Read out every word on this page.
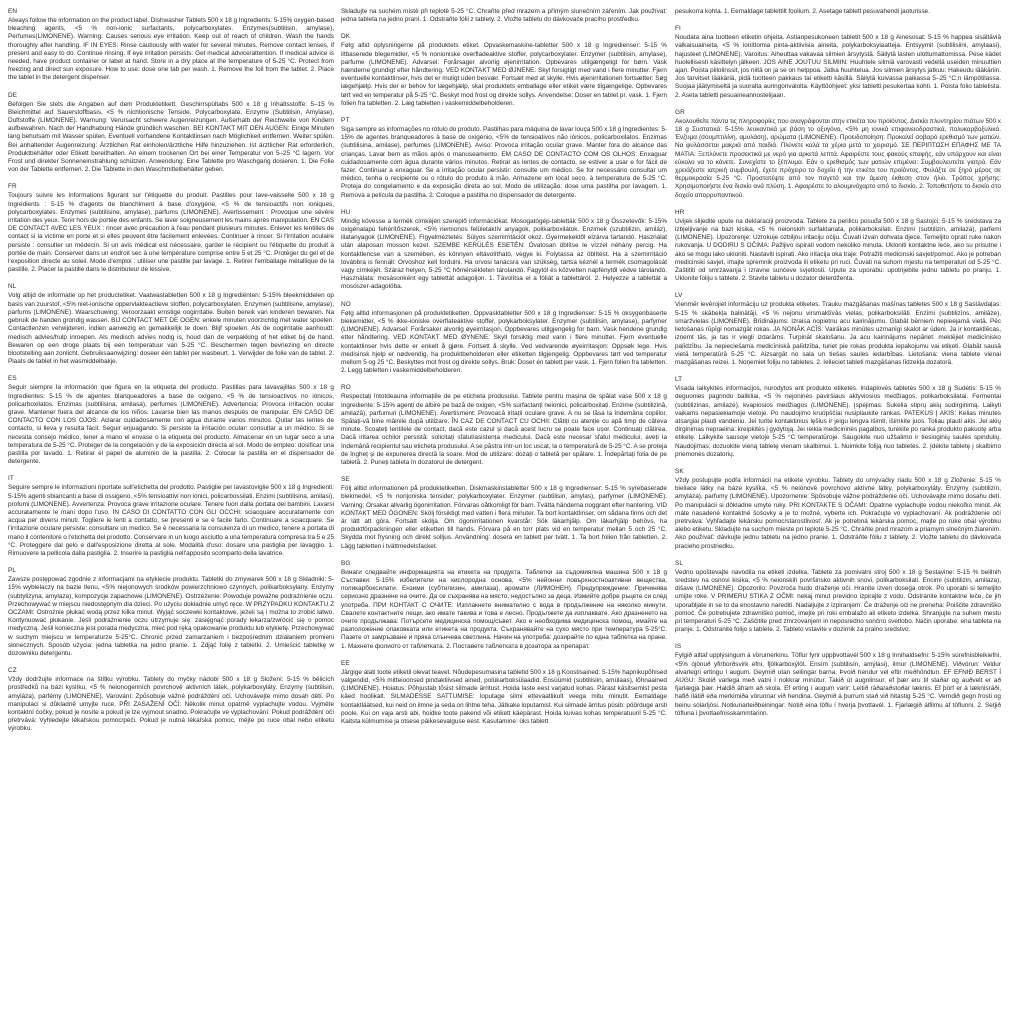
EN

Always follow the information on the product label. Dishwasher Tablets 500 x 18 g Ingredients: 5-15% oxygen-based bleaching agents, <5 % non-ionic surfactants, polycarboxylates. Enzymes(subtilisin, amylase), Perfumes(LIMONENE). Warning: Causes serious eye irritation. Keep out of reach of children. Wash the hands thoroughly after handling. IF IN EYES: Rinse cautiously with water for several minutes. Remove contact lenses, if present and easy to do. Continue rinsing. If eye irritation persists: Get medical advice/attention. If medical advice is needed, have product container or label at hand. Store in a dry place at the temperature of 5-25 °C. Protect from freezing and direct sun exposure. How to use: dose one tab per wash. 1. Remove the foil from the tablet. 2. Place the tablet in the detergent dispenser.

DE

Befolgen Sie stets die Angaben auf dem Produktetikett. Geschirrspültabs 500 x 18 g Inhaltsstoffe: 5–15 % Bleichmittel auf Sauerstoffbasis, <5 % nichtionische Tenside, Polycarboxylate. Enzyme (Subtilisin, Amylase), Duftstoffe (LIMONENE). Warnung: Verursacht schwere Augenreizungen. Außerhalb der Reichweite von Kindern aufbewahren. Nach der Handhabung Hände gründlich waschen. BEI KONTAKT MIT DEN AUGEN: Einige Minuten lang behutsam mit Wasser spülen. Eventuell vorhandene Kontaktlinsen nach Möglichkeit entfernen. Weiter spülen. Bei anhaltender Augenreizung: Ärztlichen Rat einholen/ärztliche Hilfe hinzuziehen. Ist ärztlicher Rat erforderlich, Produktbehälter oder Etikett bereithalten. An einem trockenen Ort bei einer Temperatur von 5–25 °C lagern. Vor Frost und direkter Sonneneinstrahlung schützen. Anwendung: Eine Tablette pro Waschgang dosieren. 1. Die Folie von der Tablette entfernen. 2. Die Tablette in den Waschmittelbehälter geben.

FR

Toujours suivre les informations figurant sur l'étiquette du produit. Pastilles pour lave-vaisselle 500 x 18 g Ingrédients : 5-15 % d'agents de blanchiment à base d'oxygène, <5 % de tensioactifs non ioniques, polycarboxylates. Enzymes (subtilisine, amylase), parfums (LIMONENE). Avertissement : Provoque une sévère irritation des yeux. Tenir hors de portée des enfants. Se laver soigneusement les mains après manipulation. EN CAS DE CONTACT AVEC LES YEUX : rincer avec précaution à l'eau pendant plusieurs minutes. Enlever les lentilles de contact si la victime en porte et si elles peuvent être facilement enlevées. Continuer à rincer. Si l'irritation oculaire persiste : consulter un médecin. Si un avis médical est nécessaire, garder le récipient ou l'étiquette du produit à portée de main. Conserver dans un endroit sec à une température comprise entre 5 et 25 °C. Protéger du gel et de l'exposition directe au soleil. Mode d'emploi : utiliser une pastille par lavage. 1. Retirer l'emballage métallique de la pastille. 2. Placer la pastille dans le distributeur de lessive.

NL

Volg altijd de informatie op het productetiket. Vaatwastabletten 500 x 18 g Ingrediënten: 5-15% bleekmiddelen op basis van zuurstof, <5% niet-ionische oppervlakteactieve stoffen, polycarboxylaten. Enzymen (subtilisine, amylase), parfums (LIMONENE). Waarschuwing: Veroorzaakt ernstige oogirritatie. Buiten bereik van kinderen bewaren. Na gebruik de handen grondig wassen. BIJ CONTACT MET DE OGEN: enkele minuten voorzichtig met water spoelen. Contactlenzen verwijderen, indien aanwezig en gemakkelijk te doen. Blijf spoelen. Als de oogirritatie aanhoudt: medisch advies/hulp inroepen. Als medisch advies nodig is, houd dan de verpakking of het etiket bij de hand. Bewaren op een droge plaats bij een temperatuur van 5-25 °C. Beschermen tegen bevriezing en directe blootstelling aan zonlicht. Gebruiksaanwijzing: doseer één tablet per wasbeurt. 1. Verwijder de folie van de tablet. 2. Plaats de tablet in het wasmiddelbakje.

ES

Seguir siempre la información que figura en la etiqueta del producto. Pastillas para lavavajillas 500 x 18 g Ingredientes: 5-15 % de agentes blanqueadores a base de oxígeno, <5 % de tensioactivos no iónicos, policarboxilatos. Enzimas (subtilisina, amilasa), perfumes (LIMONENE). Advertencia: Provoca irritación ocular grave. Mantener fuera del alcance de los niños. Lavarse bien las manos después de manipular. EN CASO DE CONTACTO CON LOS OJOS: Aclarar cuidadosamente con agua durante varios minutos. Quitar las lentes de contacto, si lleva y resulta fácil. Seguir enjuagando. Si persiste la irritación ocular: consultar a un médico. Si se necesita consejo médico, tener a mano el envase o la etiqueta del producto. Almacenar en un lugar seco a una temperatura de 5-25 °C. Proteger de la congelación y de la exposición directa al sol. Modo de empleo: dosificar una pastilla por lavado. 1. Retirar el papel de aluminio de la pastilla. 2. Colocar la pastilla en el dispensador de detergente.

IT

Seguire sempre le informazioni riportate sull'etichetta del prodotto. Pastiglie per lavastoviglie 500 x 18 g Ingredienti: 5-15% agenti sbiancanti a base di ossigeno, <5% tensioattivi non ionici, policarbossilati. Enzimi (subtilisina, amilasi), profumi (LIMONENE). Avvertenza: Provoca grave irritazione oculare. Tenere fuori dalla portata dei bambini. Lavarsi accuratamente le mani dopo l'uso. IN CASO DI CONTATTO CON GLI OCCHI: sciacquare accuratamente con acqua per diversi minuti. Togliere le lenti a contatto, se presenti e se è facile farlo. Continuare a sciacquare. Se l'irritazione oculare persiste: consultare un medico. Se è necessaria la consulenza di un medico, tenere a portata di mano il contenitore o l'etichetta del prodotto. Conservare in un luogo asciutto a una temperatura compresa tra 5 e 25 °C. Proteggere dal gelo e dall'esposizione diretta al sole. Modalità d'uso: dosare una pastiglia per lavaggio. 1. Rimuovere la pellicola dalla pastiglia. 2. Inserire la pastiglia nell'apposito scomparto della lavatrice.

PL

Zawsze postępować zgodnie z informacjami na etykiecie produktu. Tabletki do zmywarek 500 x 18 g Składniki: 5-15% wybielaczy na bazie tlenu, <5% niejonowych środków powierzchniowo czynnych, polikarboksylany. Enzymy (subtylizyna, amylaza), kompozycje zapachowe (LIMONENE). Ostrzeżenie: Powoduje poważne podrażnienie oczu. Przechowywać w miejscu niedostępnym dla dzieci. Po użyciu dokładnie umyć ręce. W PRZYPADKU KONTAKTU Z OCZAMI: Ostrożnie płukać wodą przez kilka minut. Wyjąć soczewki kontaktowe, jeżeli są i można to zrobić łatwo. Kontynuować płukanie. Jeśli podrażnienie oczu utrzymuje się: zasięgnąć porady lekarza/zwrócić się o pomoc medyczną. Jeśli konieczna jest porada medyczna, mieć pod ręką opakowanie produktu lub etykietę. Przechowywać w suchym miejscu w temperaturze 5-25°C. Chronić przed zamarzaniem i bezpośrednim działaniem promieni słonecznych. Sposób użycia: jedna tabletka na jedno pranie. 1. Zdjąć folię z tabletki. 2. Umieścić tabletkę w dozowniku detergentu.

CZ

Vždy dodržujte informace na štítku výrobku. Tablety do myčky nádobí 500 x 18 g Složení: 5-15 % bělicích prostředků na bázi kyslíku, <5 % neionogenních povrchově aktivních látek, polykarboxyláty. Enzymy (subtilisin, amyláza), parfémy (LIMONENE). Varování: Způsobuje vážné podráždění očí. Uchovávejte mimo dosah dětí. Po manipulaci si důkladně umyjte ruce. PŘI ZASAŽENÍ OČÍ: Několik minut opatrně vyplachujte vodou. Vyjměte kontaktní čočky, pokud je nosíte a pokud je lze vyjmout snadno. Pokračujte ve vyplachování. Pokud podráždění očí přetrvává: Vyhledejte lékařskou pomoc/péči. Pokud je nutná lékařská pomoc, mějte po ruce obal nebo etiketu výrobku.

Skladujte na suchém místě při teplotě 5-25 °C. Chraňte před mrazem a přímým slunečním zářením. Jak používat: jedna tableta na jedno praní. 1. Odstraňte fólii z tablety. 2. Vložte tabletu do dávkovače pracího prostředku.

DK

Følg altid oplysningerne på produktets etiket. Opvaskemaskine-tabletter 500 x 18 g Ingredienser: 5-15 % iltbaserede blegemidler, <5 % nonioniske overfladeaktive stoffer, polycarboxylater. Enzymer (subtilisin, amylase), parfume (LIMONENE). Advarsel: Forårsager alvorlig øjenirritation. Opbevares utilgængeligt for børn. Vask hænderne grundigt efter håndtering. VED KONTAKT MED ØJNENE: Skyl forsigtigt med vand i flere minutter. Fjern eventuelle kontaktlinser, hvis det er muligt uden besvær. Fortsæt med at skylle. Hvis øjenirritationen fortsætter: Søg lægehjælp. Hvis der er behov for lægehjælp, skal produktets emballage eller etiket være tilgængelige. Opbevares tørt ved en temperatur på 5-25 °C. Beskyt mod frost og direkte sollys. Anvendelse: Doser en tablet pr. vask. 1. Fjern folien fra tabletten. 2. Læg tabletten i vaskemiddelbeholderen.

PT

Siga sempre as informações no rótulo do produto. Pastilhas para máquina de lavar louça 500 x 18 g Ingredientes: 5-15% de agentes branqueadores à base de oxigénio, <5% de tensioativos não iónicos, policarboxilatos. Enzimas (subtilisina, amilase), perfumes (LIMONENE). Aviso: Provoca irritação ocular grave. Manter fora do alcance das crianças. Lavar bem as mãos após o manuseamento. EM CASO DE CONTACTO COM OS OLHOS: Enxaguar cuidadosamente com água durante vários minutos. Retirar as lentes de contacto, se estiver a usar e for fácil de fazer. Continuar a enxaguar. Se a irritação ocular persistir: consulte um médico. Se for necessário consultar um médico, tenha o recipiente ou o rótulo do produto à mão. Armazene em local seco, à temperatura de 5-25 °C. Proteja do congelamento e da exposição direta ao sol. Modo de utilização: dose uma pastilha por lavagem. 1. Remova a película da pastilha. 2. Coloque a pastilha no dispensador de detergente.

HU

Mindig kövesse a termék címkéjén szereplő információkat. Mosogatógép-tabletták 500 x 18 g Összetevők: 5-15% oxigénalapú fehérítőszerek, <5% nemionos felületaktív anyagok, polikarboxilátok. Enzimek (szubtilizin, amiláz), illatanyagok (LIMONENE). Figyelmeztetés: Súlyos szemirritációt okoz. Gyermekektől elzárva tartandó. Használat után alaposan mosson kezet. SZEMBE KERÜLÉS ESETÉN: Óvatosan öblítse le vízzel néhány percig. Ha kontaktlencse van a szemében, és könnyen eltávolítható, vegye ki. Folytassa az öblítést. Ha a szemirritáció továbbra is fennáll: Orvoshoz kell fordulni. Ha orvosi tanácsra van szükség, tartsa kéznél a termék csomagolását vagy címkéjét. Száraz helyen, 5-25 °C hőmérsékleten tárolandó. Fagytól és közvetlen napfénytől védve tárolandó. Használata: mosásonként egy tablettát adagoljon. 1. Távolítsa el a fóliát a tablettáról. 2. Helyezze a tablettát a mosószer-adagolóba.

NO

Følg alltid informasjonen på produktetiketten. Oppvasktabletter 500 x 18 g Ingredienser: 5-15 % oksygenbaserte blekemidler, <5 % ikke-ioniske overflateaktive stoffer, polykarboksylater. Enzymer (subtilisin, amylase), parfymer (LIMONENE). Advarsel: Forårsaker alvorlig øyeirritasjon. Oppbevares utilgjengelig for barn. Vask hendene grundig etter håndtering. VED KONTAKT MED ØYNENE: Skyll forsiktig med vann i flere minutter. Fjern eventuelle kontaktlinser hvis dette er enkelt å gjøre. Fortsett å skylle. Ved vedvarende øyeirritasjon: Oppsøk lege. Hvis medisinsk hjelp er nødvendig, ha produktbeholderen eller etiketten tilgjengelig. Oppbevares tørt ved temperatur mellom 5 og 25 °C. Beskyttes mot frost og direkte sollys. Bruk: Doser én tablett per vask. 1. Fjern folien fra tabletten. 2. Legg tabletten i vaskemiddelbeholderen.

RO

Respectați întotdeauna informațiile de pe eticheta produsului. Tablete pentru mașina de spălat vase 500 x 18 g Ingrediente: 5-15% agenți de albire pe bază de oxigen, <5% surfactanți neionici, policarboxilați. Enzime (subtilizină, amilază), parfumuri (LIMONENE). Avertisment: Provoacă iritații oculare grave. A nu se lăsa la îndemâna copiilor. Spălați-vă bine mâinile după utilizare. ÎN CAZ DE CONTACT CU OCHII: Clătiți cu atenție cu apă timp de câteva minute. Scoateți lentilele de contact, dacă este cazul și dacă acest lucru se poate face ușor. Continuați clătirea. Dacă iritarea ochilor persistă: solicitați sfatul/asistența medicului. Dacă este necesar sfatul medicului, aveți la îndemână recipientul sau eticheta produsului. A se păstra într-un loc uscat, la o temperatură de 5-25 °C. A se proteja de îngheț și de expunerea directă la soare. Mod de utilizare: dozați o tabletă per spălare. 1. Îndepărtați folia de pe tabletă. 2. Puneți tableta în dozatorul de detergent.

SE

Följ alltid informationen på produktetiketten. Diskmaskinstabletter 500 x 18 g Ingredienser: 5-15 % syrebaserade blekmedel, <5 % nonjoniska tensider, polykarboxylater. Enzymer (subtilisin, amylas), parfymer (LIMONENE). Varning: Orsakar allvarlig ögonirritation. Förvaras oåtkomligt för barn. Tvätta händerna noggrant efter hantering. VID KONTAKT MED ÖGONEN: Skölj försiktigt med vatten i flera minuter. Ta bort kontaktlinser, om sådana finns och det är lätt att göra. Fortsätt skölja. Om ögonirritationen kvarstår: Sök läkarhjälp. Om läkarhjälp behövs, ha produktförpackningen eller etiketten till hands. Förvara på en torr plats vid en temperatur mellan 5 och 25 °C. Skydda mot frysning och direkt solljus. Användning: dosera en tablett per tvätt. 1. Ta bort folien från tabletten. 2. Lägg tabletten i tvättmedelsfacket.

BG

Винаги следвайте информацията на етикета на продукта. Таблетки за съдомиялна машина 500 x 18 g Съставки: 5-15% избелители на кислородна основа, <5% нейонни повърхностноактивни вещества, поликарбоксилати. Ензими (субтилизин, амилаза), аромати (ЛИМОНЕН). Предупреждение: Причинява сериозно дразнене на очите. Да се съхранява на място, недостъпно за деца. Измийте добре ръцете си след употреба. ПРИ КОНТАКТ С ОЧИТЕ: Изплакнете внимателно с вода в продължение на няколко минути. Свалете контактните лещи, ако имате такива и това е лесно. Продължете да изплаквате. Ако дразненето на очите продължава: Потърсете медицинска помощ/съвет. Ако е необходима медицинска помощ, имайте на разположение опаковката или етикета на продукта. Съхранявайте на сухо място при температура 5-25°C. Пазете от замръзване и пряка слънчева светлина. Начин на употреба: дозирайте по една таблетка на пране. 1. Махнете фолиото от таблетката. 2. Поставете таблетката в дозатора за препарат.

EE

Järgige alati toote etiketil olevat teavet. Nõudepesumasina tabletid 500 x 18 g Koostisained: 5-15% hapnikupõhised valgendid, <5% mitteioonsed pindaktiivsed ained, polükarboksülaadid. Ensüümid (subtilisiin, amülaas), lõhnaained (LIMONENE). Hoiatus: Põhjustab tõsist silmade ärritust. Hoida laste eest varjatud kohas. Pärast käsitsemist pesta käed hoolikalt. SILMADESSE SATTUMISE: loputage silmi ettevaatlikult veega mitu minutit. Eemaldage kontaktläätsed, kui neid on ilmne ja seda on lihtne teha. Jätkake loputamist. Kui silmade ärritus püsib: pöörduge arsti poole. Kui on vaja arsti abi, hoidke toote pakend või etikett käepärast. Hoida kuivas kohas temperatuuril 5-25 °C. Kaitsta külmumise ja otsese päikesevalguse eest. Kasutamine: üks tablett

pesukorra kohta. 1. Eemaldage tablettilt foolium. 2. Asetage tablett pesuvahendi jaoturisse.

FI

Noudata aina tuotteen etiketin ohjeita. Astianpesukoneen tabletit 500 x 18 g Ainesosat: 5-15 % happea sisältäviä valkaisuaineita, <5 % ionittomia pinta-aktiivisia aineita, polykarboksylaatteja. Entsyymit (subtilisiini, amylaasi), hajusteet (LIMONENE). Varoitus: Aiheuttaa vakavaa silmien ärsytystä. Säilytä lasten ulottumattomissa. Pese kädet huolellisesti käsittelyn jälkeen. JOS AINE JOUTUU SILMIIN: Huuhtele silmiä varovasti vedellä useiden minuuttien ajan. Poista piilolinssit, jos niitä on ja se on helppoa. Jatka huuhtelua. Jos silmien ärsytys jatkuu: Hakeudu lääkäriin. Jos tarvitset lääkäriä, pidä tuotteen pakkaus tai etiketti käsillä. Säilytä kuivassa paikassa 5–25 °C:n lämpötilassa. Suojaa jäätymiseltä ja suoralta auringonvalolta. Käyttöohjeet: yksi tabletti pesukertaa kohti. 1. Poista folio tabletista. 2. Aseta tabletti pesuaineannostelijaan.

GR

Ακολουθείτε πάντα τις πληροφορίες που αναγράφονται στην ετικέτα του προϊόντος. Δισκία πλυντηρίου πιάτων 500 x 18 g Συστατικά: 5-15% λευκαντικά με βάση το οξυγόνο, <5% μη ιονικά επιφανειοδραστικά, πολυκαρβοξυλικά. Ένζυμα (σουμπτιλίνη, αμυλάση), αρώματα (LIMONENE). Προειδοποίηση: Προκαλεί σοβαρό ερεθισμό των ματιών. Να φυλάσσεται μακριά από παιδιά. Πλύνετε καλά τα χέρια μετά το χειρισμό. ΣΕ ΠΕΡΙΠΤΩΣΗ ΕΠΑΦΗΣ ΜΕ ΤΑ ΜΑΤΙΑ: Ξεπλύνετε προσεκτικά με νερό για αρκετά λεπτά. Αφαιρέστε τους φακούς επαφής, εάν υπάρχουν και είναι εύκολο να το κάνετε. Συνεχίστε το ξέπλυμα. Εάν ο ερεθισμός των ματιών επιμένει: Συμβουλευτείτε γιατρό. Εάν χρειάζεστε ιατρική συμβουλή, έχετε πρόχειρο το δοχείο ή την ετικέτα του προϊόντος. Φυλάξτε σε ξηρό μέρος σε θερμοκρασία 5-25 °C. Προστατέψτε από τον παγετό και την άμεση έκθεση στον ήλιο. Τρόπος χρήσης: Χρησιμοποιήστε ένα δισκίο ανά πλύση. 1. Αφαιρέστε το αλουμινόχαρτο από το δισκίο. 2. Τοποθετήστε το δισκίο στο δοχείο απορρυπαντικού.

HR

Uvijek slijedite upute na deklaraciji proizvoda. Tablete za perilicu posuđa 500 x 18 g Sastojci: 5-15 % sredstava za izbjeljivanje na bazi kisika, <5 % neionskih surfaktanata, polikarboksilati. Enzimi (subtilizin, amilaza), parfemi (LIMONENE). Upozorenje: Uzrokuje ozbiljnu iritaciju očiju. Čuvati izvan dohvata djece. Temeljito oprati ruke nakon rukovanja. U DODIRU S OČIMA: Pažljivo ispirati vodom nekoliko minuta. Ukloniti kontaktne leće, ako su prisutne i ako se mogu lako ukloniti. Nastaviti ispirati. Ako iritacija oka traje: Potražiti medicinski savjet/pomoć. Ako je potreban medicinski savjet, imajte spremnik proizvoda ili etiketu pri ruci. Čuvati na suhom mjestu na temperaturi od 5-25 °C. Zaštititi od smrzavanja i izravne sunčeve svjetlosti. Upute za uporabu: upotrijebite jednu tabletu po pranju. 1. Uklonite foliju s tablete. 2. Stavite tabletu u dozator deterdženta.

LV

Vienmēr ievērojiet informāciju uz produkta etiķetes. Trauku mazgāšanas mašīnas tabletes 500 x 18 g Sastāvdaļas: 5-15 % skābekļa balinātāji, <5 % nejonu virsmaktīvās vielas, polikarboksilāti. Enzīmi (subtilizīns, amilāze), smaržvielas (LIMONENE). Brīdinājums: Izraisa nopietnu acu kairinājumu. Glabāt bērniem nepieejamā vietā. Pēc lietošanas rūpīgi nomazgāt rokas. JA NONĀK ACĪS: Vairākas minūtes uzmanīgi skalot ar ūdeni. Ja ir kontaktlēcas, izņemt tās, ja tas ir viegli izdarāms. Turpināt skalošanu. Ja acu kairinājums nepāriet: meklējiet medicīnisko palīdzību. Ja nepieciešama medicīniskā palīdzība, turiet pie rokas produkta iepakojumu vai etiķeti. Glabāt sausā vietā temperatūrā 5-25 °C. Aizsargāt no sala un tiešas saules iedarbības. Lietošana: viena tablete vienai mazgāšanas reizei. 1. Noņemiet foliju no tabletes. 2. Ielieciet tableti mazgāšanas līdzekļa dozatorā.

LT

Visada laikykitės informacijos, nurodytos ant produkto etiketės. Indaplovės tabletės 500 x 18 g Sudėtis: 5-15 % deguonies pagrindo balikliai, <5 % nejoninės paviršiaus aktyviosios medžiagos, polikarboksilatai. Fermentai (subtilizinas, amilazė), kvapiosios medžiagos (LIMONENE). Įspėjimas: Sukelia stiprų akių sudirginimą. Laikyti vaikams nepasiekiamoje vietoje. Po naudojimo kruopščiai nusiplaukite rankas. PATEKUS Į AKIS: Kelias minutes atsargiai plauti vandeniu. Jei turite kontaktinius lęšius ir jeigu lengva išimti, išimkite juos. Toliau plauti akis. Jei akių dirginimas nepraeina: kreipkitės į gydytoją. Jei reikia medicininės pagalbos, turėkite po ranka produkto pakuotę arba etiketę. Laikykite sausoje vietoje 5-25 °C temperatūroje. Saugokite nuo užšalimo ir tiesioginių saulės spindulių. Naudojimas: dozuokite vieną tabletę vienam skalbimui. 1. Nuimkite foliją nuo tabletės. 2. Įdėkite tabletę į skalbimo priemonės dozatorių.

SK

Vždy postupujte podľa informácií na etikete výrobku. Tablety do umývačky riadu 500 x 18 g Zloženie: 5-15 % bieliace látky na báze kyslíka, <5 % neiónové povrchovo aktívne látky, polykarboxyláty. Enzýmy (subtilizín, amyláza), parfumy (LIMONENE). Upozornenie: Spôsobuje vážne podráždenie očí. Uchovávajte mimo dosahu detí. Po manipulácii si dôkladne umyte ruky. PRI KONTAKTE S OČAMI: Opatrne vyplachujte vodou niekoľko minút. Ak máte nasadené kontaktné šošovky a je to možné, vyberte ich. Pokračujte vo vyplachovaní. Ak podráždenie očí pretrváva: Vyhľadajte lekársku pomoc/starostlivosť. Ak je potrebná lekárska pomoc, majte po ruke obal výrobku alebo etiketu. Skladujte na suchom mieste pri teplote 5-25 °C. Chráňte pred mrazom a priamym slnečným žiarením. Ako používať: dávkujte jednu tabletu na jedno pranie. 1. Odstráňte fóliu z tablety. 2. Vložte tabletu do dávkovača pracieho prostriedku.

SL

Vedno upoštevajte navodila na etiketi izdelka. Tablete za pomivalni stroj 500 x 18 g Sestavine: 5-15 % belilnih sredstev na osnovi kisika, <5 % neionskih površinsko aktivnih snovi, polikarboksilati. Encimi (subtilizin, amilaza), dišave (LIMONENE). Opozorilo: Povzroča hudo draženje oči. Hranite izven dosega otrok. Po uporabi si temeljito umijte roke. V PRIMERU STIKA Z OČMI: nekaj minut previdno izpirajte z vodo. Odstranite kontaktne leče, če jih uporabljate in se to da enostavno narediti. Nadaljujte z izpiranjem. Če draženje oči ne preneha: Poiščite zdravniško pomoč. Če potrebujete zdravniško pomoč, imejte pri roki embalažo ali etiketo izdelka. Shranjujte na suhem mestu pri temperaturi 5-25 °C. Zaščitite pred zmrzovanjem in neposredno sončno svetlobo. Način uporabe: ena tableta na pranje. 1. Odstranite folijo s tablete. 2. Tableto vstavite v dozirnik za pralno sredstvo.

IS

Fylgið alltaf upplýsingum á vörumerkinu. Töflur fyrir uppþvottavél 500 x 18 g Innihaldsefni: 5-15% súrefnisbleikiefni, <5% ójónuð yfirborðsvirk efni, fjölkarboxýlöt. Ensím (subtilisín, amýlasi), ilmur (LIMONENE). Viðvörun: Veldur alvarlegri ertingu í augum. Geymið utan seilingar barna. Þvoið hendur vel eftir meðhöndlun. EF EFNIÐ BERST Í AUGU: Skolið varlega með vatni í nokkrar mínútur. Takið út augnlinsur, ef þær eru til staðar og auðvelt er að fjarlægja þær. Haldið áfram að skola. Ef erting í augum varir: Leitið ráða/aðstoðar læknis. Ef þörf er á læknisráði, hafið ílátið eða merkimiða vörunnar við hendina. Geymið á þurrum stað við hitastig 5-25 °C. Verndið gegn frosti og beinu sólarljósi. Notkunarleiðbeiningar: Notið eina töflu í hverja þvottavél. 1. Fjarlægið álfilmu af töflunni. 2. Setjið töfluna í þvottaefnisskammtarinn.
